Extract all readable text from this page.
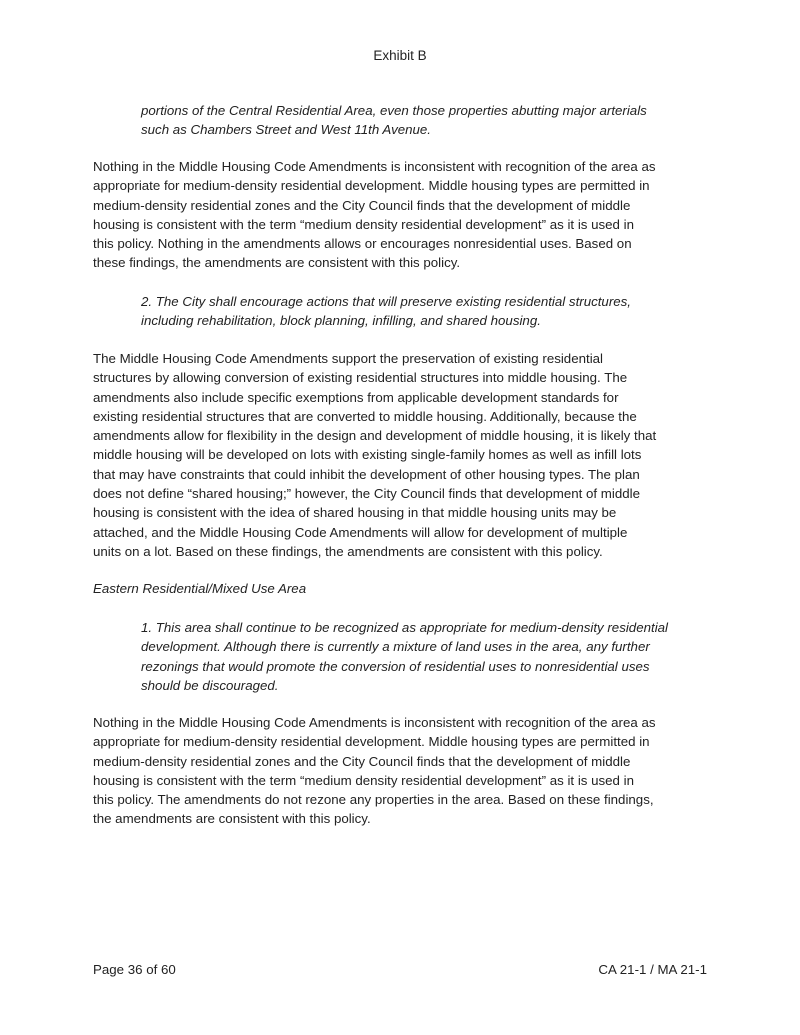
Exhibit B
portions of the Central Residential Area, even those properties abutting major arterials
such as Chambers Street and West 11th Avenue.
Nothing in the Middle Housing Code Amendments is inconsistent with recognition of the area as
appropriate for medium-density residential development. Middle housing types are permitted in
medium-density residential zones and the City Council finds that the development of middle
housing is consistent with the term “medium density residential development” as it is used in
this policy. Nothing in the amendments allows or encourages nonresidential uses. Based on
these findings, the amendments are consistent with this policy.
2. The City shall encourage actions that will preserve existing residential structures,
including rehabilitation, block planning, infilling, and shared housing.
The Middle Housing Code Amendments support the preservation of existing residential
structures by allowing conversion of existing residential structures into middle housing. The
amendments also include specific exemptions from applicable development standards for
existing residential structures that are converted to middle housing. Additionally, because the
amendments allow for flexibility in the design and development of middle housing, it is likely that
middle housing will be developed on lots with existing single-family homes as well as infill lots
that may have constraints that could inhibit the development of other housing types. The plan
does not define “shared housing;” however, the City Council finds that development of middle
housing is consistent with the idea of shared housing in that middle housing units may be
attached, and the Middle Housing Code Amendments will allow for development of multiple
units on a lot. Based on these findings, the amendments are consistent with this policy.
Eastern Residential/Mixed Use Area
1. This area shall continue to be recognized as appropriate for medium-density residential
development. Although there is currently a mixture of land uses in the area, any further
rezonings that would promote the conversion of residential uses to nonresidential uses
should be discouraged.
Nothing in the Middle Housing Code Amendments is inconsistent with recognition of the area as
appropriate for medium-density residential development. Middle housing types are permitted in
medium-density residential zones and the City Council finds that the development of middle
housing is consistent with the term “medium density residential development” as it is used in
this policy. The amendments do not rezone any properties in the area. Based on these findings,
the amendments are consistent with this policy.
Page 36 of 60	CA 21-1 / MA 21-1
